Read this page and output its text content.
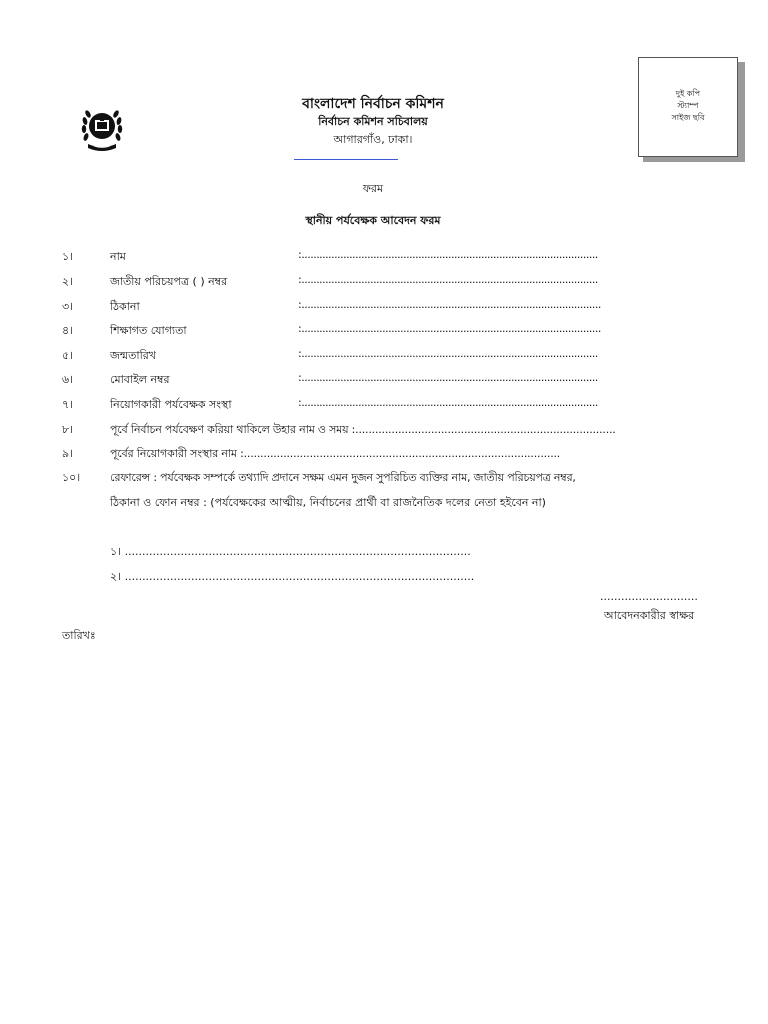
বাংলাদেশ নির্বাচন কমিশন
নির্বাচন কমিশন সচিবালয়
আগারগাঁও, ঢাকা।
দুই কপি
স্ট্যাম্প
সাইজ ছবি
ফরম
স্থানীয় পর্যবেক্ষক আবেদন ফরম
১।	নাম	:...................................................................................................
২।	জাতীয় পরিচয়পত্র ( ) নম্বর	:...................................................................................................
৩।	ঠিকানা	:....................................................................................................
৪।	শিক্ষাগত যোগ্যতা	:....................................................................................................
৫।	জন্মতারিখ	:...................................................................................................
৬।	মোবাইল নম্বর	:...................................................................................................
৭।	নিয়োগকারী পর্যবেক্ষক সংস্থা	:...................................................................................................
৮।	পূর্বে নির্বাচন পর্যবেক্ষণ করিয়া থাকিলে উহার নাম ও সময় :...............................................................................
৯।	পূর্বের নিয়োগকারী সংস্থার নাম :................................................................................................
১০।	রেফারেন্স : পর্যবেক্ষক সম্পর্কে তথ্যাদি প্রদানে সক্ষম এমন দুজন সুপরিচিত ব্যক্তির নাম, জাতীয় পরিচয়পত্র নম্বর,
ঠিকানা ও ফোন নম্বর : (পর্যবেক্ষকের আত্মীয়, নির্বাচনের প্রার্থী বা রাজনৈতিক দলের নেতা হইবেন না)
১। ...................................................................................................
২। ....................................................................................................
............................
আবেদনকারীর স্বাক্ষর
তারিখঃ
